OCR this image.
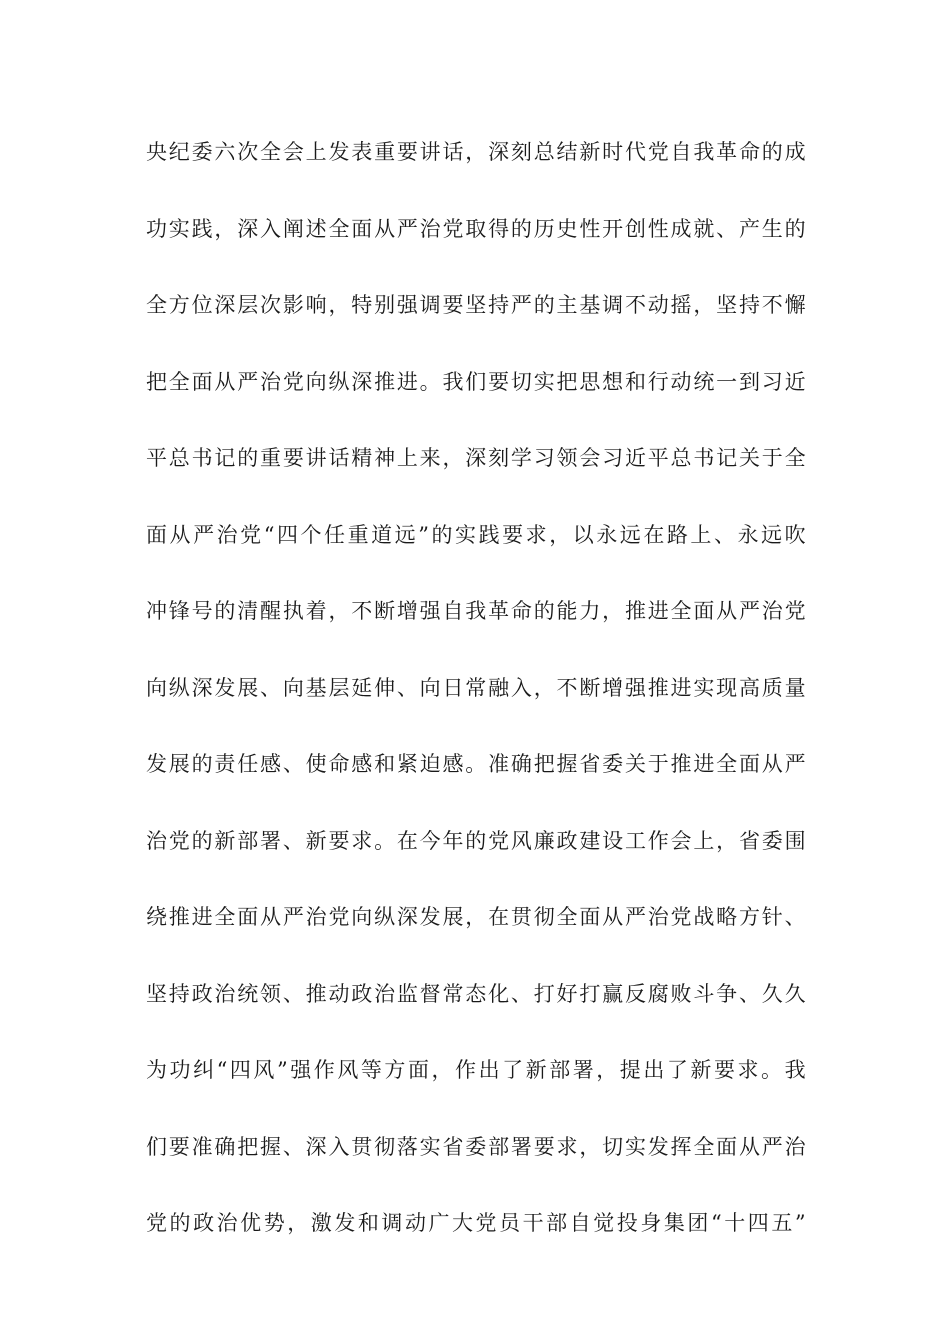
央纪委六次全会上发表重要讲话，深刻总结新时代党自我革命的成
功实践，深入阐述全面从严治党取得的历史性开创性成就、产生的
全方位深层次影响，特别强调要坚持严的主基调不动摇，坚持不懈
把全面从严治党向纵深推进。我们要切实把思想和行动统一到习近
平总书记的重要讲话精神上来，深刻学习领会习近平总书记关于全
面从严治党“四个任重道远”的实践要求，以永远在路上、永远吹
冲锋号的清醒执着，不断增强自我革命的能力，推进全面从严治党
向纵深发展、向基层延伸、向日常融入，不断增强推进实现高质量
发展的责任感、使命感和紧迫感。准确把握省委关于推进全面从严
治党的新部署、新要求。在今年的党风廉政建设工作会上，省委围
绕推进全面从严治党向纵深发展，在贯彻全面从严治党战略方针、
坚持政治统领、推动政治监督常态化、打好打赢反腐败斗争、久久
为功纠“四风”强作风等方面，作出了新部署，提出了新要求。我
们要准确把握、深入贯彻落实省委部署要求，切实发挥全面从严治
党的政治优势，激发和调动广大党员干部自觉投身集团“十四五”
